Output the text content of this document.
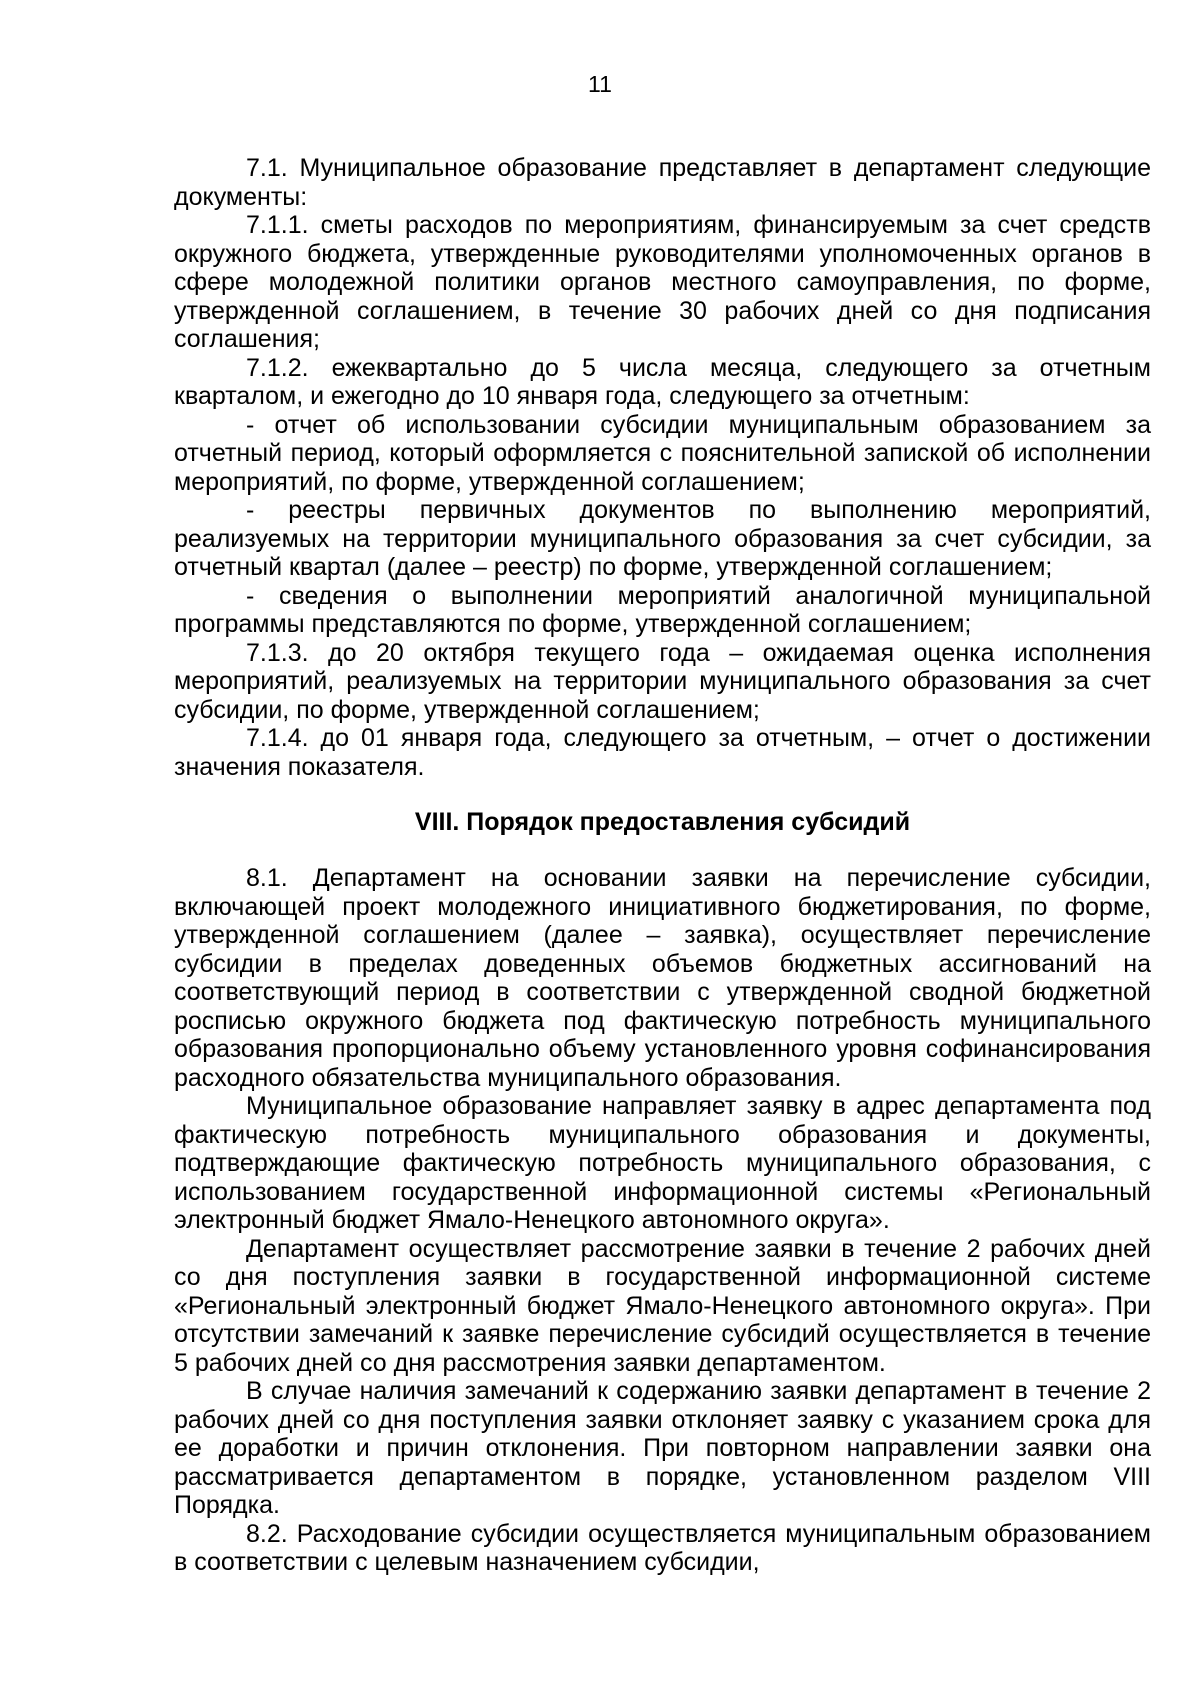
11

7.1. Муниципальное образование представляет в департамент следующие документы:

7.1.1. сметы расходов по мероприятиям, финансируемым за счет средств окружного бюджета, утвержденные руководителями уполномоченных органов в сфере молодежной политики органов местного самоуправления, по форме, утвержденной соглашением, в течение 30 рабочих дней со дня подписания соглашения;

7.1.2. ежеквартально до 5 числа месяца, следующего за отчетным кварталом, и ежегодно до 10 января года, следующего за отчетным:

- отчет об использовании субсидии муниципальным образованием за отчетный период, который оформляется с пояснительной запиской об исполнении мероприятий, по форме, утвержденной соглашением;

- реестры первичных документов по выполнению мероприятий, реализуемых на территории муниципального образования за счет субсидии, за отчетный квартал (далее – реестр) по форме, утвержденной соглашением;

- сведения о выполнении мероприятий аналогичной муниципальной программы представляются по форме, утвержденной соглашением;

7.1.3. до 20 октября текущего года – ожидаемая оценка исполнения мероприятий, реализуемых на территории муниципального образования за счет субсидии, по форме, утвержденной соглашением;

7.1.4. до 01 января года, следующего за отчетным, – отчет о достижении значения показателя.

VIII. Порядок предоставления субсидий

8.1. Департамент на основании заявки на перечисление субсидии, включающей проект молодежного инициативного бюджетирования, по форме, утвержденной соглашением (далее – заявка), осуществляет перечисление субсидии в пределах доведенных объемов бюджетных ассигнований на соответствующий период в соответствии с утвержденной сводной бюджетной росписью окружного бюджета под фактическую потребность муниципального образования пропорционально объему установленного уровня софинансирования расходного обязательства муниципального образования.

Муниципальное образование направляет заявку в адрес департамента под фактическую потребность муниципального образования и документы, подтверждающие фактическую потребность муниципального образования, с использованием государственной информационной системы «Региональный электронный бюджет Ямало-Ненецкого автономного округа».

Департамент осуществляет рассмотрение заявки в течение 2 рабочих дней со дня поступления заявки в государственной информационной системе «Региональный электронный бюджет Ямало-Ненецкого автономного округа». При отсутствии замечаний к заявке перечисление субсидий осуществляется в течение 5 рабочих дней со дня рассмотрения заявки департаментом.

В случае наличия замечаний к содержанию заявки департамент в течение 2 рабочих дней со дня поступления заявки отклоняет заявку с указанием срока для ее доработки и причин отклонения. При повторном направлении заявки она рассматривается департаментом в порядке, установленном разделом VIII Порядка.

8.2. Расходование субсидии осуществляется муниципальным образованием в соответствии с целевым назначением субсидии,
